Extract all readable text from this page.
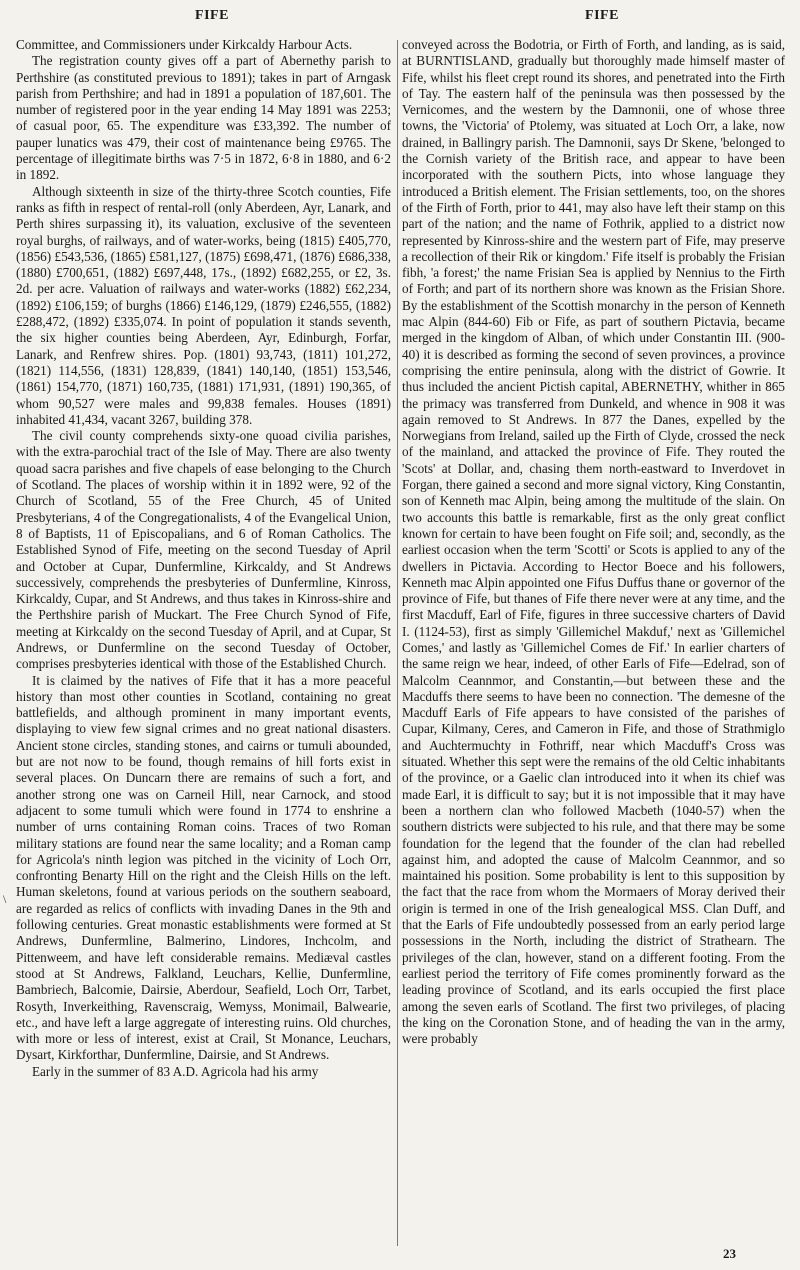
FIFE	FIFE
\

Committee, and Commissioners under Kirkcaldy Harbour Acts.

The registration county gives off a part of Abernethy parish to Perthshire (as constituted previous to 1891); takes in part of Arngask parish from Perthshire; and had in 1891 a population of 187,601. The number of registered poor in the year ending 14 May 1891 was 2253; of casual poor, 65. The expenditure was £33,392. The number of pauper lunatics was 479, their cost of maintenance being £9765. The percentage of illegitimate births was 7·5 in 1872, 6·8 in 1880, and 6·2 in 1892.

Although sixteenth in size of the thirty-three Scotch counties, Fife ranks as fifth in respect of rental-roll (only Aberdeen, Ayr, Lanark, and Perth shires surpassing it), its valuation, exclusive of the seventeen royal burghs, of railways, and of water-works, being (1815) £405,770, (1856) £543,536, (1865) £581,127, (1875) £698,471, (1876) £686,338, (1880) £700,651, (1882) £697,448, 17s., (1892) £682,255, or £2, 3s. 2d. per acre. Valuation of railways and water-works (1882) £62,234, (1892) £106,159; of burghs (1866) £146,129, (1879) £246,555, (1882) £288,472, (1892) £335,074. In point of population it stands seventh, the six higher counties being Aberdeen, Ayr, Edinburgh, Forfar, Lanark, and Renfrew shires. Pop. (1801) 93,743, (1811) 101,272, (1821) 114,556, (1831) 128,839, (1841) 140,140, (1851) 153,546, (1861) 154,770, (1871) 160,735, (1881) 171,931, (1891) 190,365, of whom 90,527 were males and 99,838 females. Houses (1891) inhabited 41,434, vacant 3267, building 378.

The civil county comprehends sixty-one quoad civilia parishes, with the extra-parochial tract of the Isle of May. There are also twenty quoad sacra parishes and five chapels of ease belonging to the Church of Scotland. The places of worship within it in 1892 were, 92 of the Church of Scotland, 55 of the Free Church, 45 of United Presbyterians, 4 of the Congregationalists, 4 of the Evangelical Union, 8 of Baptists, 11 of Episcopalians, and 6 of Roman Catholics. The Established Synod of Fife, meeting on the second Tuesday of April and October at Cupar, Dunfermline, Kirkcaldy, and St Andrews successively, comprehends the presbyteries of Dunfermline, Kinross, Kirkcaldy, Cupar, and St Andrews, and thus takes in Kinross-shire and the Perthshire parish of Muckart. The Free Church Synod of Fife, meeting at Kirkcaldy on the second Tuesday of April, and at Cupar, St Andrews, or Dunfermline on the second Tuesday of October, comprises presbyteries identical with those of the Established Church.

It is claimed by the natives of Fife that it has a more peaceful history than most other counties in Scotland, containing no great battlefields, and although prominent in many important events, displaying to view few signal crimes and no great national disasters. Ancient stone circles, standing stones, and cairns or tumuli abounded, but are not now to be found, though remains of hill forts exist in several places. On Duncarn there are remains of such a fort, and another strong one was on Carneil Hill, near Carnock, and stood adjacent to some tumuli which were found in 1774 to enshrine a number of urns containing Roman coins. Traces of two Roman military stations are found near the same locality; and a Roman camp for Agricola's ninth legion was pitched in the vicinity of Loch Orr, confronting Benarty Hill on the right and the Cleish Hills on the left. Human skeletons, found at various periods on the southern seaboard, are regarded as relics of conflicts with invading Danes in the 9th and following centuries. Great monastic establishments were formed at St Andrews, Dunfermline, Balmerino, Lindores, Inchcolm, and Pittenweem, and have left considerable remains. Mediæval castles stood at St Andrews, Falkland, Leuchars, Kellie, Dunfermline, Bambriech, Balcomie, Dairsie, Aberdour, Seafield, Loch Orr, Tarbet, Rosyth, Inverkeithing, Ravenscraig, Wemyss, Monimail, Balwearie, etc., and have left a large aggregate of interesting ruins. Old churches, with more or less of interest, exist at Crail, St Monance, Leuchars, Dysart, Kirkforthar, Dunfermline, Dairsie, and St Andrews.

Early in the summer of 83 A.D. Agricola had his army

conveyed across the Bodotria, or Firth of Forth, and landing, as is said, at BURNTISLAND, gradually but thoroughly made himself master of Fife, whilst his fleet crept round its shores, and penetrated into the Firth of Tay. The eastern half of the peninsula was then possessed by the Vernicomes, and the western by the Damnonii, one of whose three towns, the 'Victoria' of Ptolemy, was situated at Loch Orr, a lake, now drained, in Ballingry parish. The Damnonii, says Dr Skene, 'belonged to the Cornish variety of the British race, and appear to have been incorporated with the southern Picts, into whose language they introduced a British element. The Frisian settlements, too, on the shores of the Firth of Forth, prior to 441, may also have left their stamp on this part of the nation; and the name of Fothrik, applied to a district now represented by Kinross-shire and the western part of Fife, may preserve a recollection of their Rik or kingdom.' Fife itself is probably the Frisian fibh, 'a forest;' the name Frisian Sea is applied by Nennius to the Firth of Forth; and part of its northern shore was known as the Frisian Shore. By the establishment of the Scottish monarchy in the person of Kenneth mac Alpin (844-60) Fib or Fife, as part of southern Pictavia, became merged in the kingdom of Alban, of which under Constantin III. (900-40) it is described as forming the second of seven provinces, a province comprising the entire peninsula, along with the district of Gowrie. It thus included the ancient Pictish capital, ABERNETHY, whither in 865 the primacy was transferred from Dunkeld, and whence in 908 it was again removed to St Andrews. In 877 the Danes, expelled by the Norwegians from Ireland, sailed up the Firth of Clyde, crossed the neck of the mainland, and attacked the province of Fife. They routed the 'Scots' at Dollar, and, chasing them north-eastward to Inverdovet in Forgan, there gained a second and more signal victory, King Constantin, son of Kenneth mac Alpin, being among the multitude of the slain. On two accounts this battle is remarkable, first as the only great conflict known for certain to have been fought on Fife soil; and, secondly, as the earliest occasion when the term 'Scotti' or Scots is applied to any of the dwellers in Pictavia. According to Hector Boece and his followers, Kenneth mac Alpin appointed one Fifus Duffus thane or governor of the province of Fife, but thanes of Fife there never were at any time, and the first Macduff, Earl of Fife, figures in three successive charters of David I. (1124-53), first as simply 'Gillemichel Makduf,' next as 'Gillemichel Comes,' and lastly as 'Gillemichel Comes de Fif.' In earlier charters of the same reign we hear, indeed, of other Earls of Fife—Edelrad, son of Malcolm Ceannmor, and Constantin,—but between these and the Macduffs there seems to have been no connection. 'The demesne of the Macduff Earls of Fife appears to have consisted of the parishes of Cupar, Kilmany, Ceres, and Cameron in Fife, and those of Strathmiglo and Auchtermuchty in Fothriff, near which Macduff's Cross was situated. Whether this sept were the remains of the old Celtic inhabitants of the province, or a Gaelic clan introduced into it when its chief was made Earl, it is difficult to say; but it is not impossible that it may have been a northern clan who followed Macbeth (1040-57) when the southern districts were subjected to his rule, and that there may be some foundation for the legend that the founder of the clan had rebelled against him, and adopted the cause of Malcolm Ceannmor, and so maintained his position. Some probability is lent to this supposition by the fact that the race from whom the Mormaers of Moray derived their origin is termed in one of the Irish genealogical MSS. Clan Duff, and that the Earls of Fife undoubtedly possessed from an early period large possessions in the North, including the district of Strathearn. The privileges of the clan, however, stand on a different footing. From the earliest period the territory of Fife comes prominently forward as the leading province of Scotland, and its earls occupied the first place among the seven earls of Scotland. The first two privileges, of placing the king on the Coronation Stone, and of heading the van in the army, were probably

23
